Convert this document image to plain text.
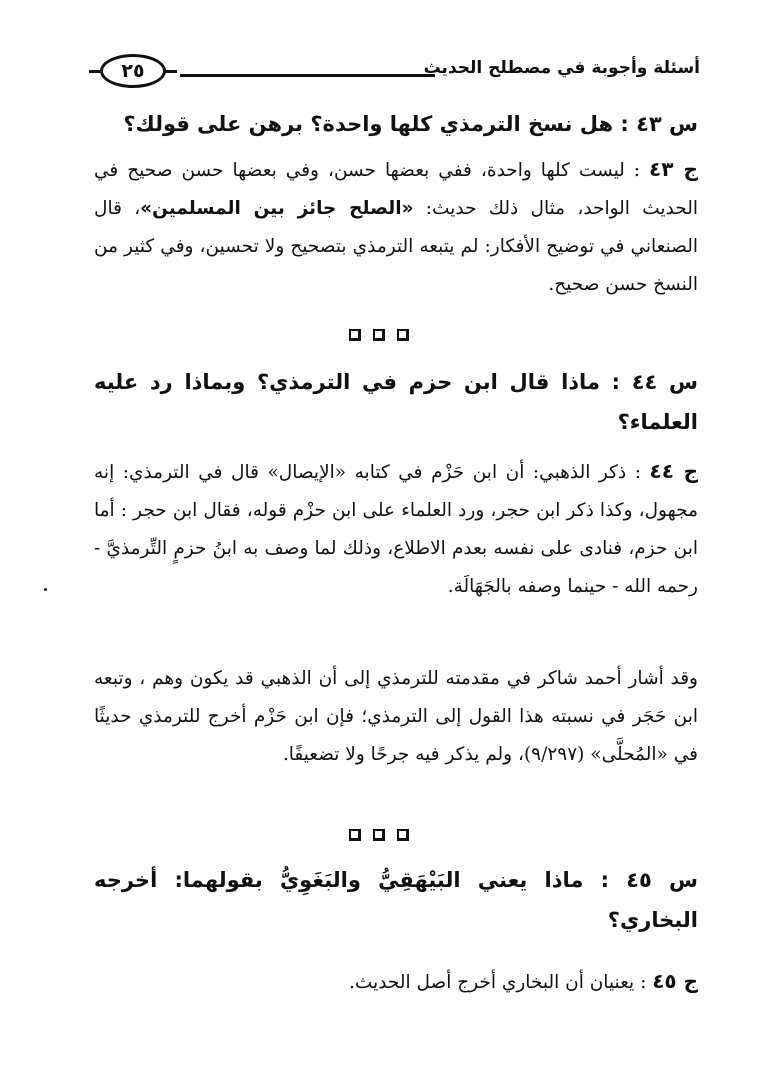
أسئلة وأجوبة في مصطلح الحديث
٢٥
س ٤٣ : هل نسخ الترمذي كلها واحدة؟ برهن على قولك؟
ج ٤٣ : ليست كلها واحدة، ففي بعضها حسن، وفي بعضها حسن صحيح في الحديث الواحد، مثال ذلك حديث: «الصلح جائز بين المسلمين»، قال الصنعاني في توضيح الأفكار: لم يتبعه الترمذي بتصحيح ولا تحسين، وفي كثير من النسخ حسن صحيح.
س ٤٤ : ماذا قال ابن حزم في الترمذي؟ وبماذا رد عليه العلماء؟
ج ٤٤ : ذكر الذهبي: أن ابن حَزْم في كتابه «الإيصال» قال في الترمذي: إنه مجهول، وكذا ذكر ابن حجر، ورد العلماء على ابن حزْم قوله، فقال ابن حجر : أما ابن حزم، فنادى على نفسه بعدم الاطلاع، وذلك لما وصف به ابنُ حزمٍ التِّرمذيَّ - رحمه الله - حينما وصفه بالجَهَالَة.
وقد أشار أحمد شاكر في مقدمته للترمذي إلى أن الذهبي قد يكون وهم ، وتبعه ابن حَجَر في نسبته هذا القول إلى الترمذي؛ فإن ابن حَزْم أخرج للترمذي حديثًا في «المُحلَّى» (٩/٢٩٧)، ولم يذكر فيه جرحًا ولا تضعيفًا.
س ٤٥ : ماذا يعني البَيْهَقِيُّ والبَغَوِيُّ بقولهما: أخرجه البخاري؟
ج ٤٥ : يعنيان أن البخاري أخرج أصل الحديث.
